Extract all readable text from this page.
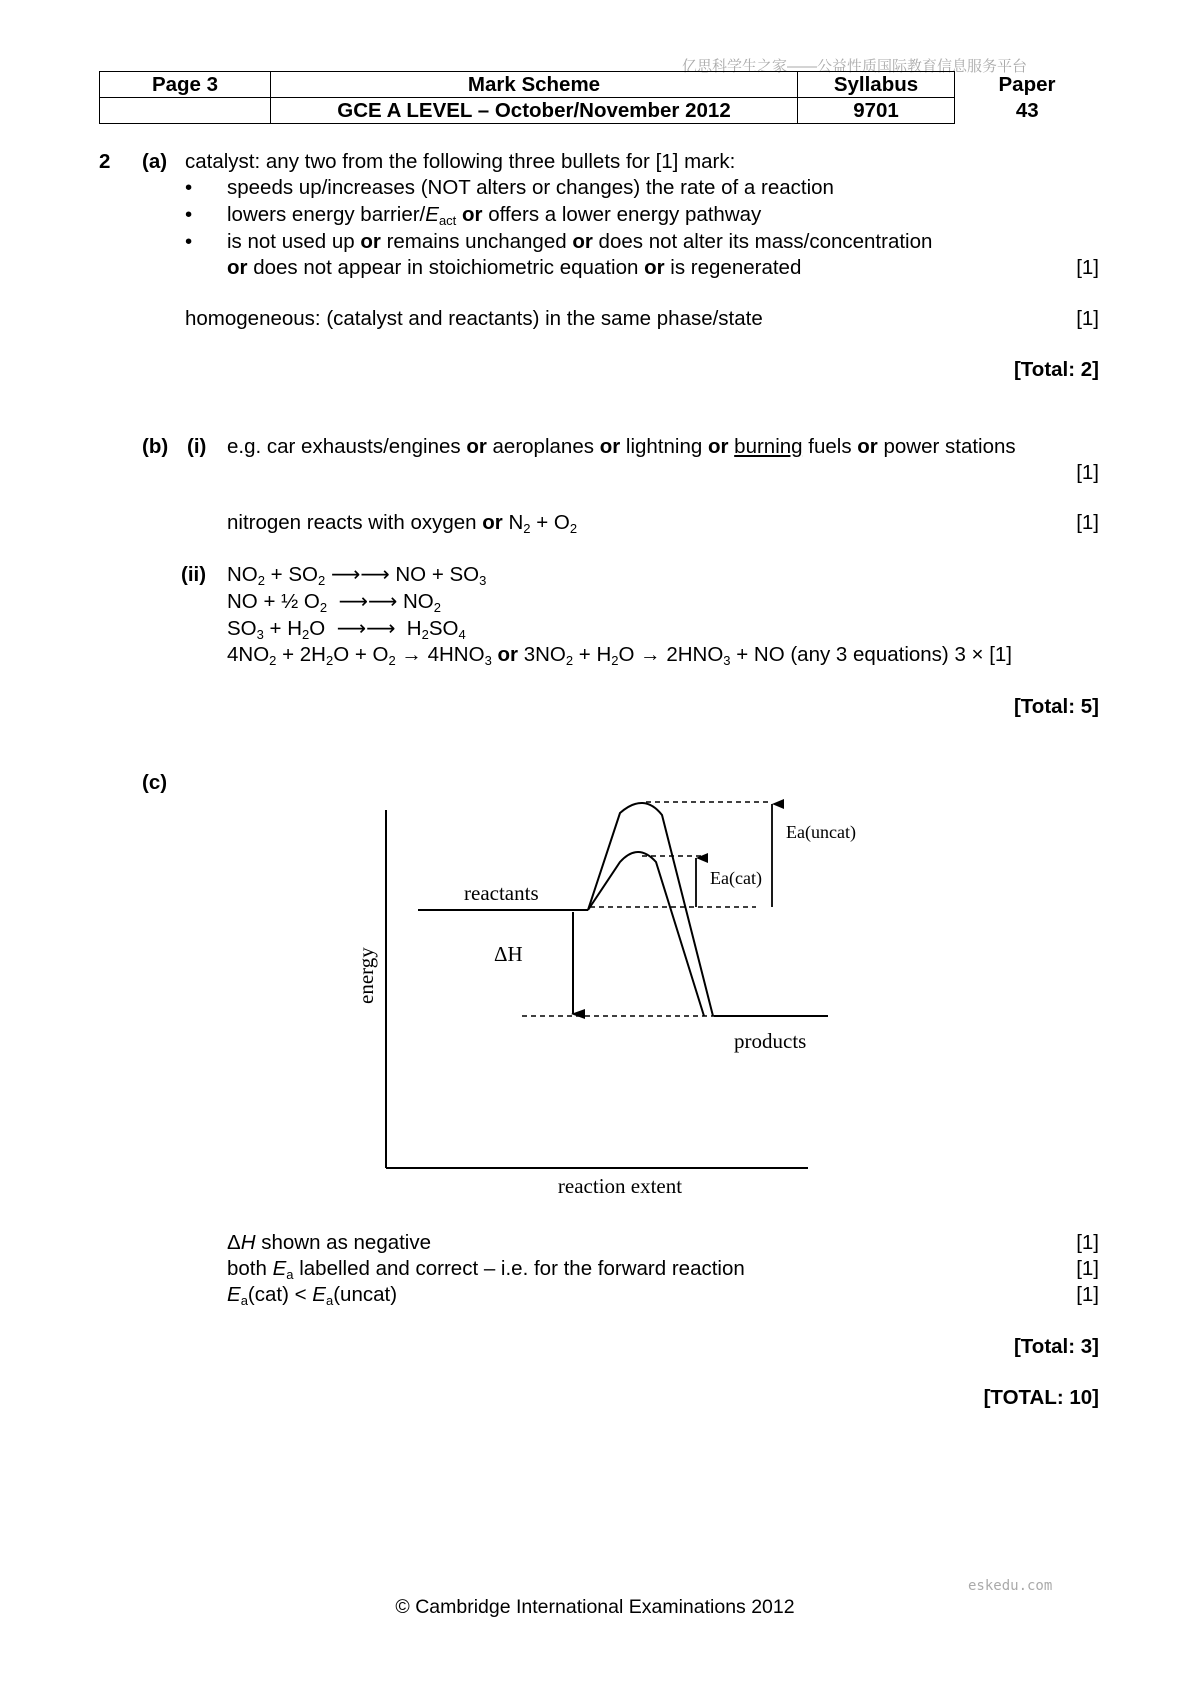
亿思科学生之家——公益性质国际教育信息服务平台
Page 3	Mark Scheme	Syllabus	Paper
	GCE A LEVEL – October/November 2012	9701	43
2 (a) catalyst: any two from the following three bullets for [1] mark:
• speeds up/increases (NOT alters or changes) the rate of a reaction
• lowers energy barrier/$E_{act}$ or offers a lower energy pathway
• is not used up or remains unchanged or does not alter its mass/concentration
or does not appear in stoichiometric equation or is regenerated	[1]
homogeneous: (catalyst and reactants) in the same phase/state	[1]
[Total: 2]
(b) (i) e.g. car exhausts/engines or aeroplanes or lightning or burning fuels or power stations
[1]
nitrogen reacts with oxygen or $N_2 + O_2$	[1]
(ii) $NO_2 + SO_2$ ⟶⟶ NO + $SO_3$
NO + ½ $O_2$  ⟶⟶ $NO_2$
$SO_3 + H_2O$  ⟶⟶  $H_2SO_4$
$4NO_2 + 2H_2O + O_2 \to 4HNO_3$ or $3NO_2 + H_2O \to 2HNO_3$ + NO (any 3 equations) 3 × [1]
[Total: 5]
(c)
energy
reaction extent
reactants
products
ΔH
Ea(cat)
Ea(uncat)
ΔH shown as negative	[1]
both $E_a$ labelled and correct – i.e. for the forward reaction	[1]
$E_a(cat)$ < $E_a(uncat)$	[1]
[Total: 3]
[TOTAL: 10]
eskedu.com
© Cambridge International Examinations 2012
